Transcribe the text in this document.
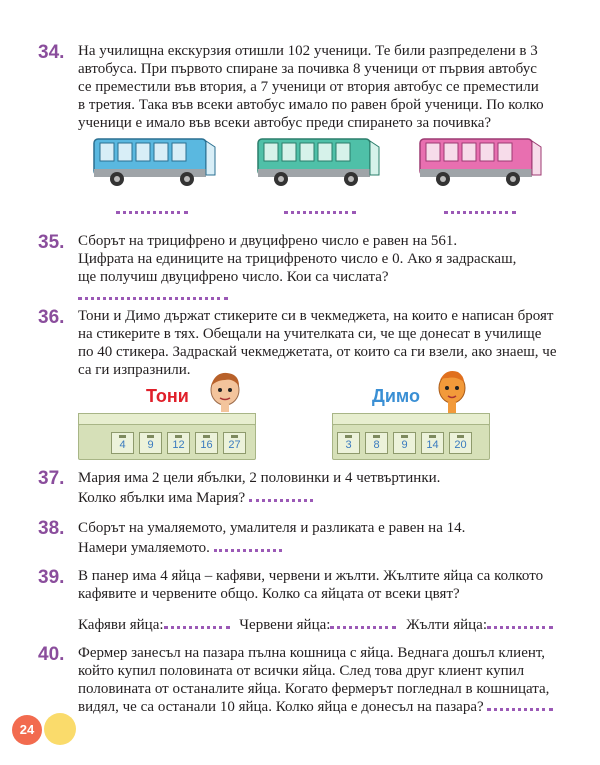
34. На училищна екскурзия отишли 102 ученици. Те били разпределени в 3
автобуса. При първото спиране за почивка 8 ученици от първия автобус
се преместили във втория, а 7 ученици от втория автобус се преместили
в третия. Така във всеки автобус имало по равен брой ученици. По колко
ученици е имало във всеки автобус преди спирането за почивка?
35. Сборът на трицифрено и двуцифрено число е равен на 561.
Цифрата на единиците на трицифреното число е 0. Ако я задраскаш,
ще получиш двуцифрено число. Кои са числата?
36. Тони и Димо държат стикерите си в чекмеджета, на които е написан броят
на стикерите в тях. Обещали на учителката си, че ще донесат в училище
по 40 стикера. Задраскай чекмеджетата, от които са ги взели, ако знаеш, че
са ги изпразнили.
Тони
4	9	12	16	27
Димо
3	8	9	14	20
37. Мария има 2 цели ябълки, 2 половинки и 4 четвъртинки.
Колко ябълки има Мария?
38. Сборът на умаляемото, умалителя и разликата е равен на 14.
Намери умаляемото.
39. В панер има 4 яйца – кафяви, червени и жълти. Жълтите яйца са колкото
кафявите и червените общо. Колко са яйцата от всеки цвят?
Кафяви яйца:	Червени яйца:	Жълти яйца:
40. Фермер занесъл на пазара пълна кошница с яйца. Веднага дошъл клиент,
който купил половината от всички яйца. След това друг клиент купил
половината от останалите яйца. Когато фермерът погледнал в кошницата,
видял, че са останали 10 яйца. Колко яйца е донесъл на пазара?
24
